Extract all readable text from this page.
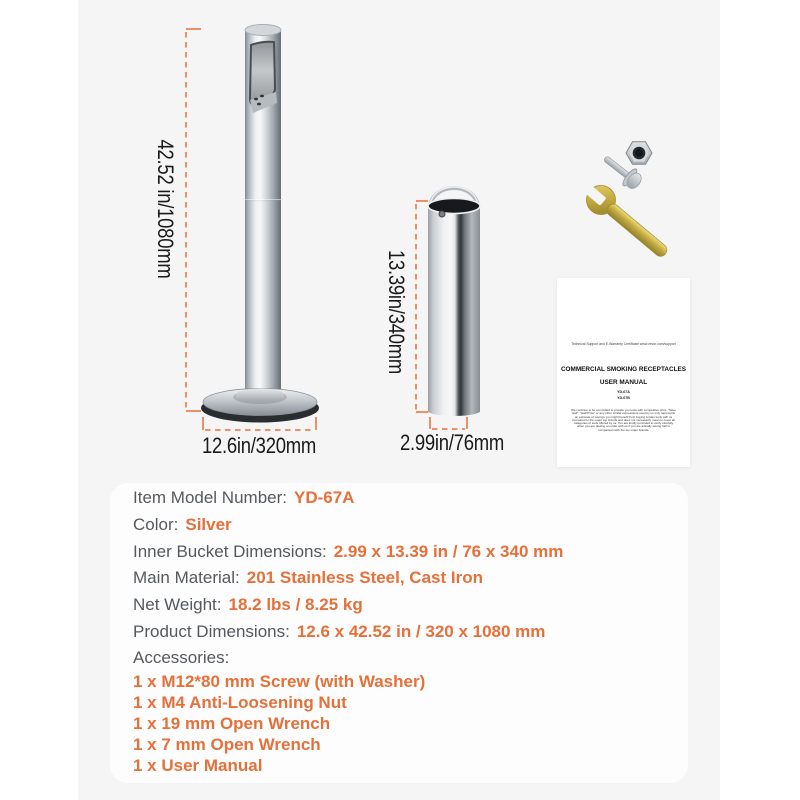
42.52 in/1080mm
13.39in/340mm
12.6in/320mm	2.99in/76mm
Technical Support and E-Warranty Certificate www.vevor.com/support
COMMERCIAL SMOKING RECEPTACLES
USER MANUAL
YD-67A
YD-67B
We continue to be committed to provide you tools with competitive price. "Save Half", "Half Price" or any other similar expressions used by us only represents an estimate of savings you might benefit from buying certain tools with us compared to the major top brands and does not necessarily mean to cover all categories of tools offered by us. You are kindly reminded to verify carefully when you are placing an order with us if you are actually saving half in comparison with the top major brands.
Item Model Number: YD-67A
Color: Silver
Inner Bucket Dimensions: 2.99 x 13.39 in / 76 x 340 mm
Main Material: 201 Stainless Steel, Cast Iron
Net Weight: 18.2 lbs / 8.25 kg
Product Dimensions: 12.6 x 42.52 in / 320 x 1080 mm
Accessories:
1 x M12*80 mm Screw (with Washer)
1 x M4 Anti-Loosening Nut
1 x 19 mm Open Wrench
1 x 7 mm Open Wrench
1 x User Manual
